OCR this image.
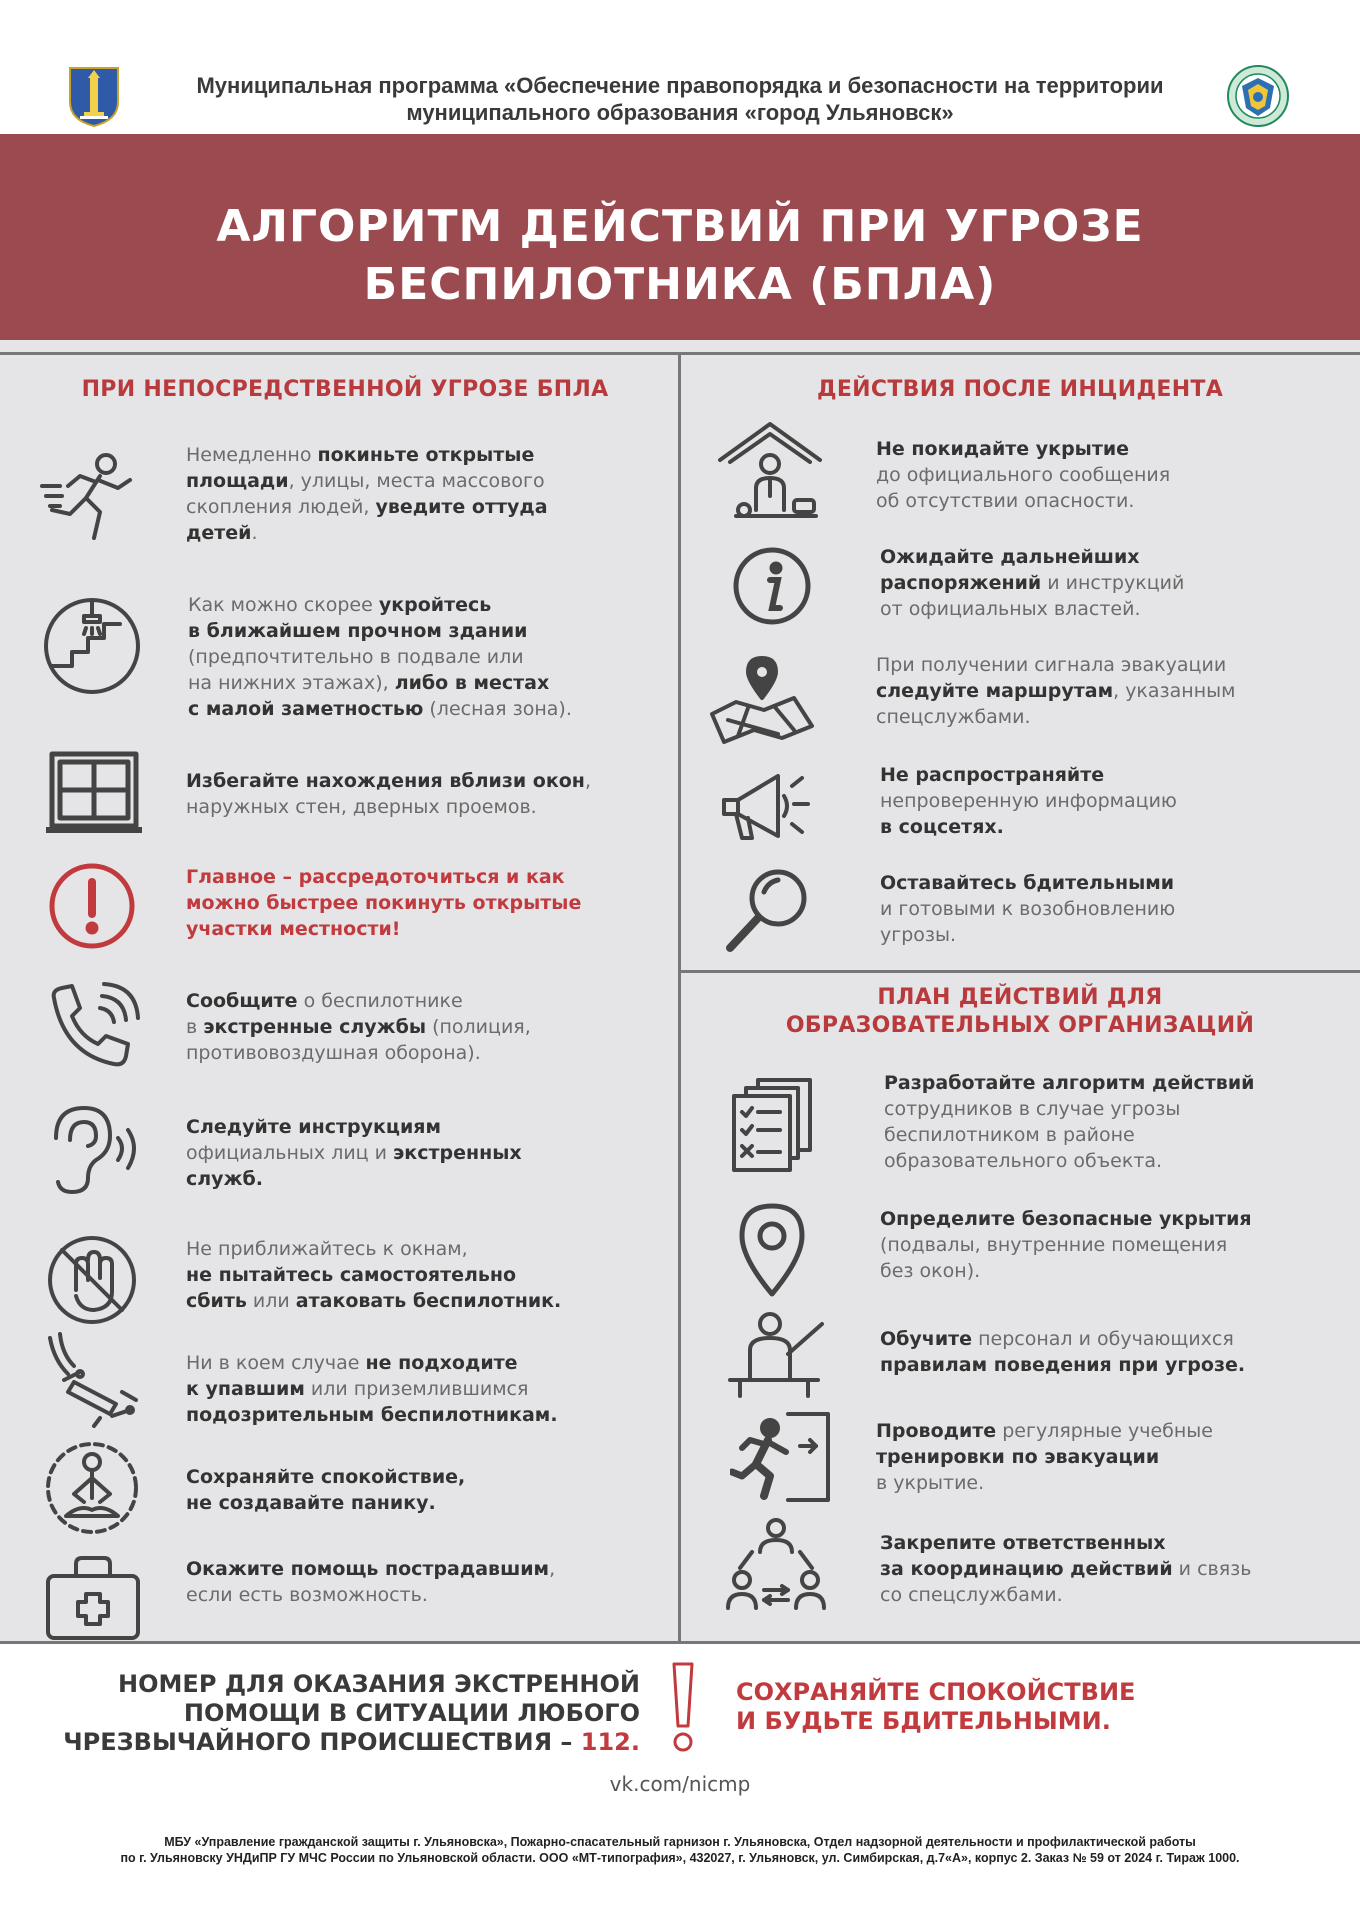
Муниципальная программа «Обеспечение правопорядка и безопасности на территории
муниципального образования «город Ульяновск»
АЛГОРИТМ ДЕЙСТВИЙ ПРИ УГРОЗЕ
БЕСПИЛОТНИКА (БПЛА)
ПРИ НЕПОСРЕДСТВЕННОЙ УГРОЗЕ БПЛА	ДЕЙСТВИЯ ПОСЛЕ ИНЦИДЕНТА
ПЛАН ДЕЙСТВИЙ ДЛЯ
ОБРАЗОВАТЕЛЬНЫХ ОРГАНИЗАЦИЙ
Немедленно покиньте открытые
площади, улицы, места массового
скопления людей, уведите оттуда
детей.
Как можно скорее укройтесь
в ближайшем прочном здании
(предпочтительно в подвале или
на нижних этажах), либо в местах
с малой заметностью (лесная зона).
Избегайте нахождения вблизи окон,
наружных стен, дверных проемов.
Главное – рассредоточиться и как
можно быстрее покинуть открытые
участки местности!
Сообщите о беспилотнике
в экстренные службы (полиция,
противовоздушная оборона).
Следуйте инструкциям
официальных лиц и экстренных
служб.
Не приближайтесь к окнам,
не пытайтесь самостоятельно
сбить или атаковать беспилотник.
Ни в коем случае не подходите
к упавшим или приземлившимся
подозрительным беспилотникам.
Сохраняйте спокойствие,
не создавайте панику.
Окажите помощь пострадавшим,
если есть возможность.
Не покидайте укрытие
до официального сообщения
об отсутствии опасности.
Ожидайте дальнейших
распоряжений и инструкций
от официальных властей.
При получении сигнала эвакуации
следуйте маршрутам, указанным
спецслужбами.
Не распространяйте
непроверенную информацию
в соцсетях.
Оставайтесь бдительными
и готовыми к возобновлению
угрозы.
Разработайте алгоритм действий
сотрудников в случае угрозы
беспилотником в районе
образовательного объекта.
Определите безопасные укрытия
(подвалы, внутренние помещения
без окон).
Обучите персонал и обучающихся
правилам поведения при угрозе.
Проводите регулярные учебные
тренировки по эвакуации
в укрытие.
Закрепите ответственных
за координацию действий и связь
со спецслужбами.
НОМЕР ДЛЯ ОКАЗАНИЯ ЭКСТРЕННОЙ
ПОМОЩИ В СИТУАЦИИ ЛЮБОГО
ЧРЕЗВЫЧАЙНОГО ПРОИСШЕСТВИЯ – 112.
СОХРАНЯЙТЕ СПОКОЙСТВИЕ
И БУДЬТЕ БДИТЕЛЬНЫМИ.
vk.com/nicmp
МБУ «Управление гражданской защиты г. Ульяновска», Пожарно-спасательный гарнизон г. Ульяновска, Отдел надзорной деятельности и профилактической работы
по г. Ульяновску УНДиПР ГУ МЧС России по Ульяновской области. ООО «МТ-типография», 432027, г. Ульяновск, ул. Симбирская, д.7«А», корпус 2. Заказ № 59 от 2024 г. Тираж 1000.
